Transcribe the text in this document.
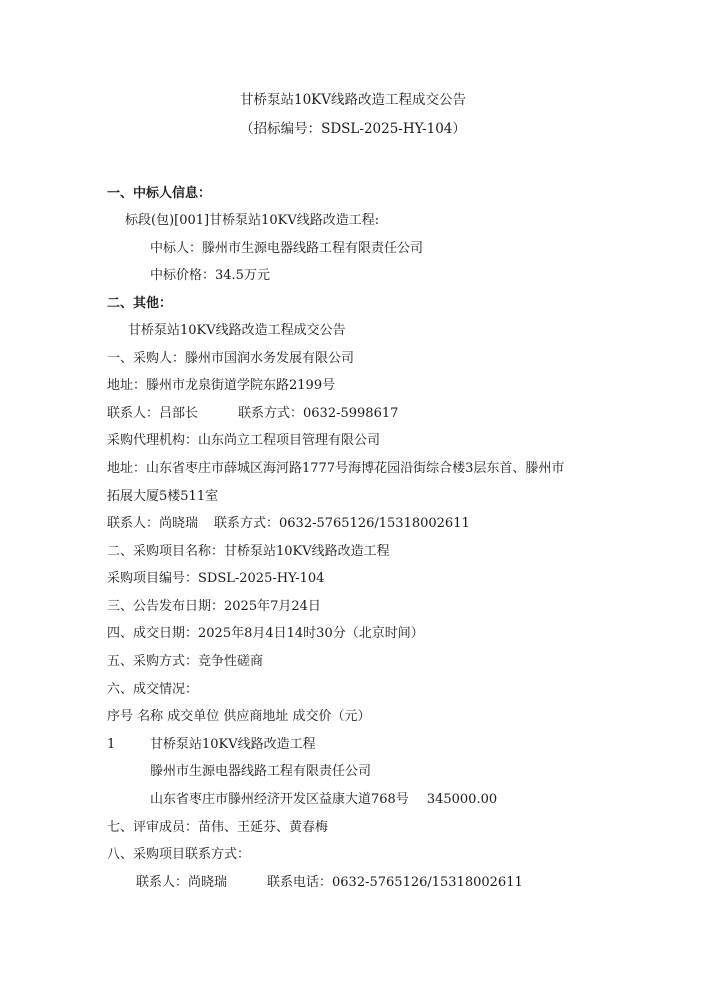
甘桥泵站10KV线路改造工程成交公告
（招标编号：SDSL-2025-HY-104）
一、中标人信息：
标段(包)[001]甘桥泵站10KV线路改造工程:
中标人：滕州市生源电器线路工程有限责任公司
中标价格：34.5万元
二、其他：
甘桥泵站10KV线路改造工程成交公告
一、采购人：滕州市国润水务发展有限公司
地址：滕州市龙泉街道学院东路2199号
联系人：吕部长	联系方式：0632-5998617
采购代理机构：山东尚立工程项目管理有限公司
地址：山东省枣庄市薛城区海河路1777号海博花园沿街综合楼3层东首、滕州市
拓展大厦5楼511室
联系人：尚晓瑞 联系方式：0632-5765126/15318002611
二、采购项目名称：甘桥泵站10KV线路改造工程
采购项目编号：SDSL-2025-HY-104
三、公告发布日期：2025年7月24日
四、成交日期：2025年8月4日14时30分（北京时间）
五、采购方式：竞争性磋商
六、成交情况：
序号 名称 成交单位 供应商地址 成交价（元）
1	甘桥泵站10KV线路改造工程
滕州市生源电器线路工程有限责任公司
山东省枣庄市滕州经济开发区益康大道768号 345000.00
七、评审成员：苗伟、王延芬、黄春梅
八、采购项目联系方式：
联系人：尚晓瑞	联系电话：0632-5765126/15318002611
